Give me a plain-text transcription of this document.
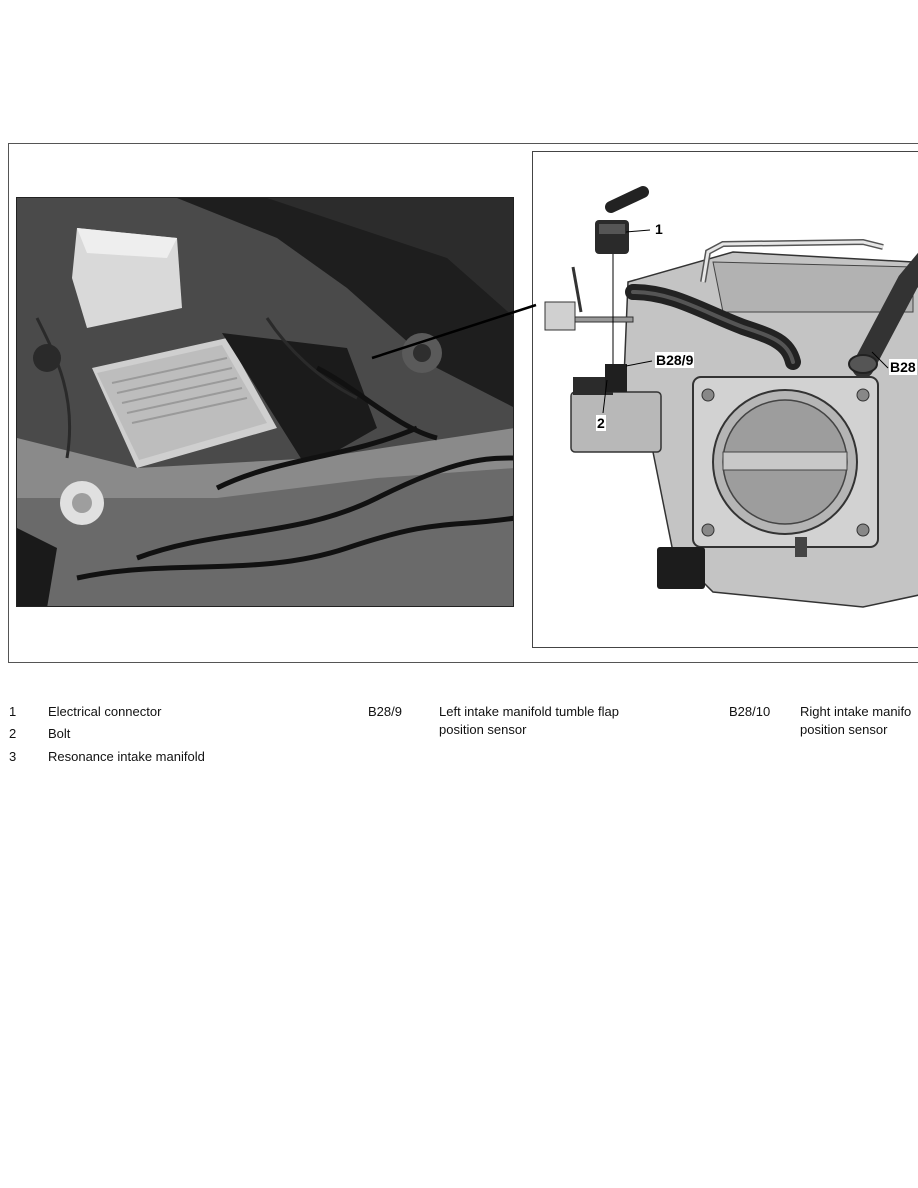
1
B28/9
2
B28
1 Electrical connector
2 Bolt
3 Resonance intake manifold
B28/9	Left intake manifold tumble flap
position sensor
B28/10 Right intake manifo
position sensor
